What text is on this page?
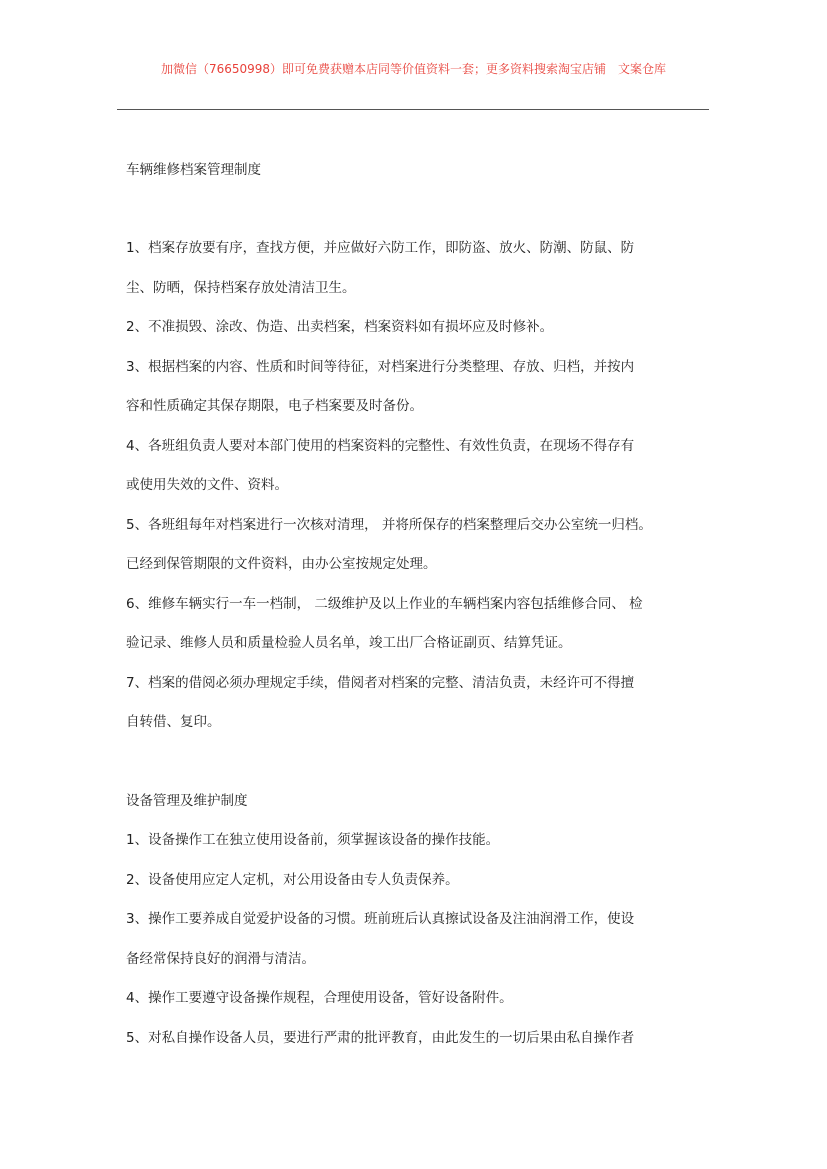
加微信（76650998）即可免费获赠本店同等价值资料一套；更多资料搜索淘宝店铺　文案仓库
车辆维修档案管理制度
1、档案存放要有序，查找方便，并应做好六防工作，即防盗、放火、防潮、防鼠、防
尘、防晒，保持档案存放处清洁卫生。
2、不准损毁、涂改、伪造、出卖档案，档案资料如有损坏应及时修补。
3、根据档案的内容、性质和时间等待征，对档案进行分类整理、存放、归档，并按内
容和性质确定其保存期限，电子档案要及时备份。
4、各班组负责人要对本部门使用的档案资料的完整性、有效性负责，在现场不得存有
或使用失效的文件、资料。
5、各班组每年对档案进行一次核对清理， 并将所保存的档案整理后交办公室统一归档。
已经到保管期限的文件资料，由办公室按规定处理。
6、维修车辆实行一车一档制， 二级维护及以上作业的车辆档案内容包括维修合同、 检
验记录、维修人员和质量检验人员名单，竣工出厂合格证副页、结算凭证。
7、档案的借阅必须办理规定手续，借阅者对档案的完整、清洁负责，未经许可不得擅
自转借、复印。
设备管理及维护制度
1、设备操作工在独立使用设备前，须掌握该设备的操作技能。
2、设备使用应定人定机，对公用设备由专人负责保养。
3、操作工要养成自觉爱护设备的习惯。班前班后认真擦试设备及注油润滑工作，使设
备经常保持良好的润滑与清洁。
4、操作工要遵守设备操作规程，合理使用设备，管好设备附件。
5、对私自操作设备人员，要进行严肃的批评教育，由此发生的一切后果由私自操作者
